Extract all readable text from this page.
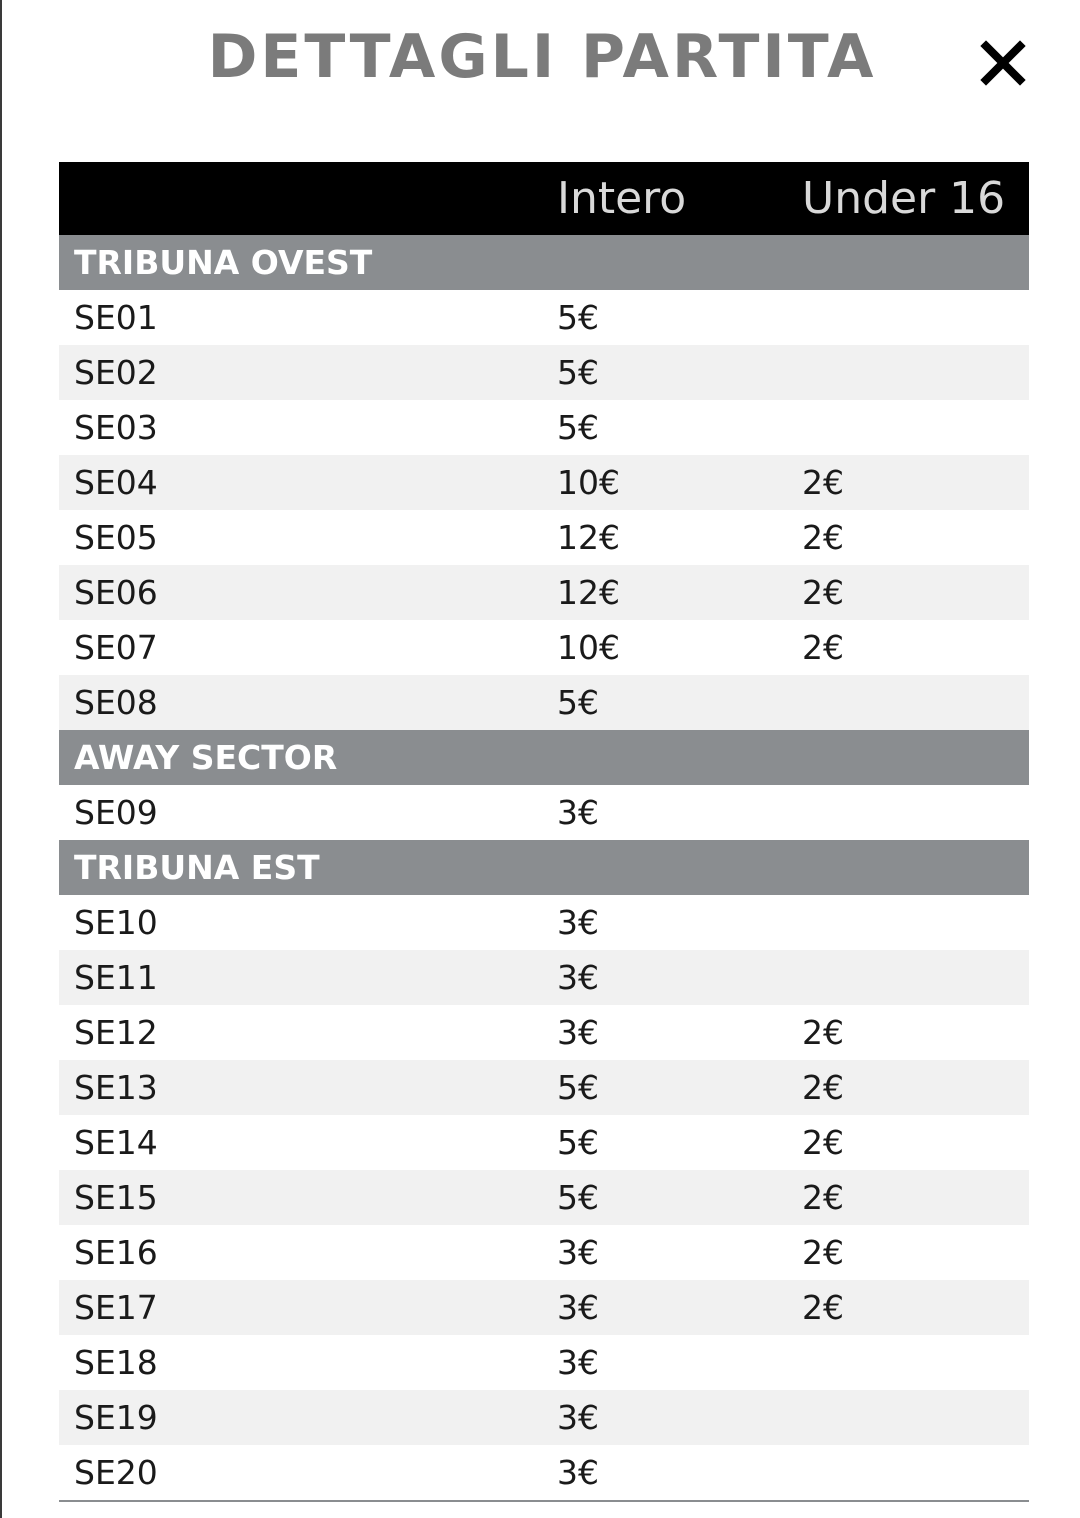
DETTAGLI PARTITA
Intero	Under 16
TRIBUNA OVEST
SE01	5€
SE02	5€
SE03	5€
SE04	10€	2€
SE05	12€	2€
SE06	12€	2€
SE07	10€	2€
SE08	5€
AWAY SECTOR
SE09	3€
TRIBUNA EST
SE10	3€
SE11	3€
SE12	3€	2€
SE13	5€	2€
SE14	5€	2€
SE15	5€	2€
SE16	3€	2€
SE17	3€	2€
SE18	3€
SE19	3€
SE20	3€
